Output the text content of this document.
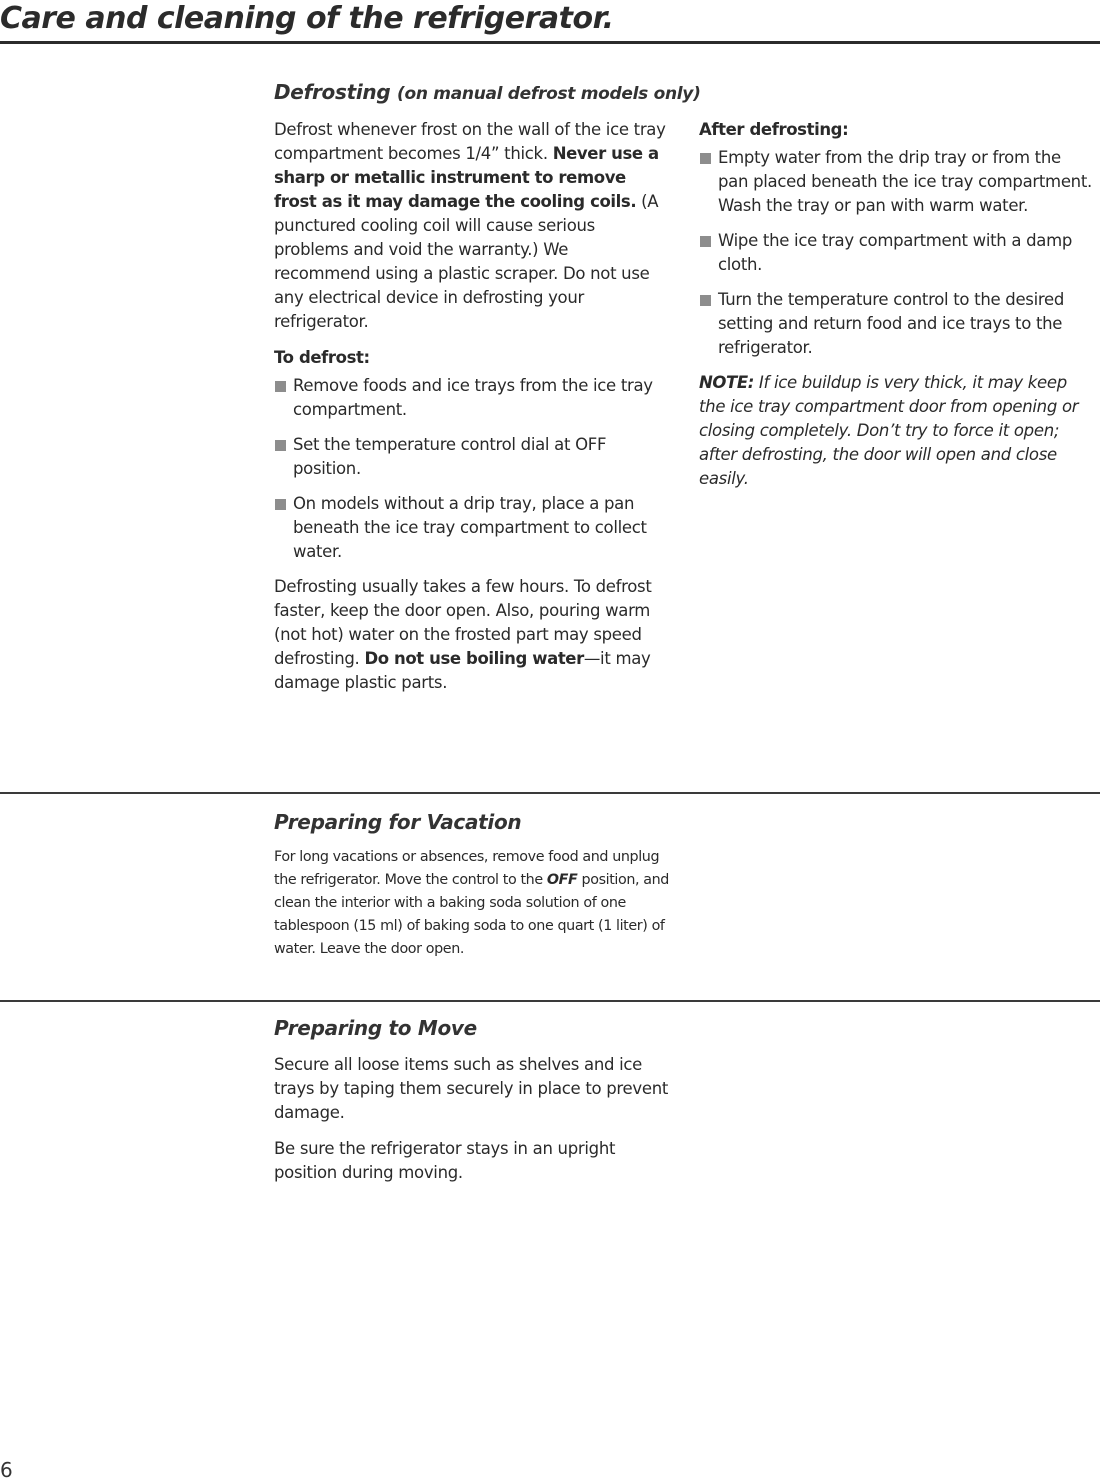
Care and cleaning of the refrigerator.
Defrosting (on manual defrost models only)

Defrost whenever frost on the wall of the ice tray compartment becomes 1/4” thick. Never use a sharp or metallic instrument to remove frost as it may damage the cooling coils. (A punctured cooling coil will cause serious problems and void the warranty.) We recommend using a plastic scraper. Do not use any electrical device in defrosting your refrigerator.

To defrost:

Remove foods and ice trays from the ice tray compartment.
Set the temperature control dial at OFF position.
On models without a drip tray, place a pan beneath the ice tray compartment to collect water.

Defrosting usually takes a few hours. To defrost faster, keep the door open. Also, pouring warm (not hot) water on the frosted part may speed defrosting. Do not use boiling water—it may damage plastic parts.

After defrosting:

Empty water from the drip tray or from the pan placed beneath the ice tray compartment. Wash the tray or pan with warm water.
Wipe the ice tray compartment with a damp cloth.
Turn the temperature control to the desired setting and return food and ice trays to the refrigerator.

NOTE: If ice buildup is very thick, it may keep the ice tray compartment door from opening or closing completely. Don’t try to force it open; after defrosting, the door will open and close easily.

Preparing for Vacation

For long vacations or absences, remove food and unplug the refrigerator. Move the control to the OFF position, and clean the interior with a baking soda solution of one tablespoon (15 ml) of baking soda to one quart (1 liter) of water. Leave the door open.

Preparing to Move

Secure all loose items such as shelves and ice trays by taping them securely in place to prevent damage.

Be sure the refrigerator stays in an upright position during moving.

6
